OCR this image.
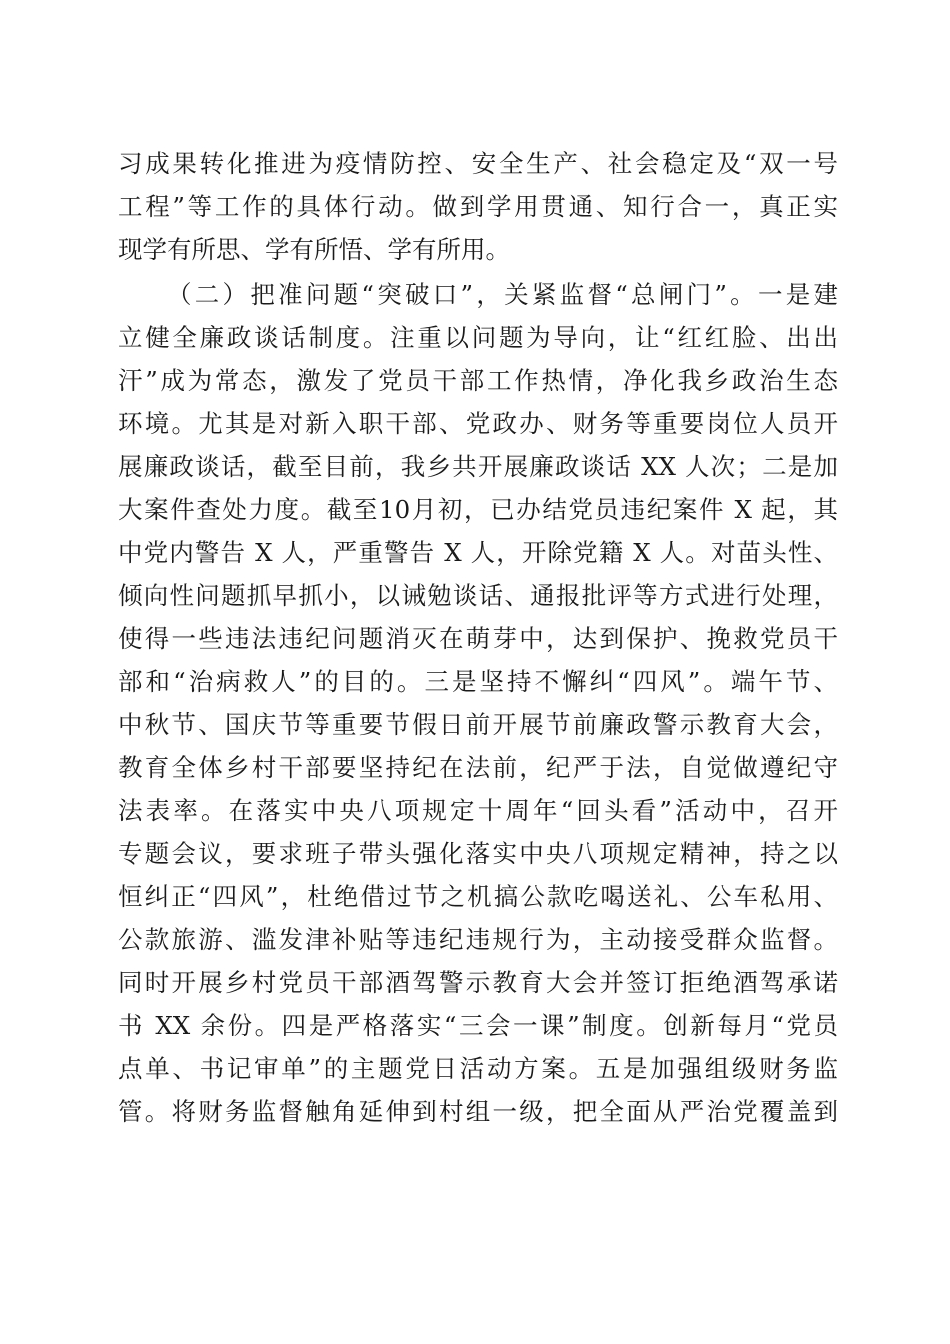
习成果转化推进为疫情防控、安全生产、社会稳定及“双一号
工程”等工作的具体行动。做到学用贯通、知行合一，真正实
现学有所思、学有所悟、学有所用。
（二）把准问题“突破口”，关紧监督“总闸门”。一是建
立健全廉政谈话制度。注重以问题为导向，让“红红脸、出出
汗”成为常态，激发了党员干部工作热情，净化我乡政治生态
环境。尤其是对新入职干部、党政办、财务等重要岗位人员开
展廉政谈话，截至目前，我乡共开展廉政谈话 XX 人次；二是加
大案件查处力度。截至10月初，已办结党员违纪案件 X 起，其
中党内警告 X 人，严重警告 X 人，开除党籍 X 人。对苗头性、
倾向性问题抓早抓小，以诫勉谈话、通报批评等方式进行处理，
使得一些违法违纪问题消灭在萌芽中，达到保护、挽救党员干
部和“治病救人”的目的。三是坚持不懈纠“四风”。端午节、
中秋节、国庆节等重要节假日前开展节前廉政警示教育大会，
教育全体乡村干部要坚持纪在法前，纪严于法，自觉做遵纪守
法表率。在落实中央八项规定十周年“回头看”活动中，召开
专题会议，要求班子带头强化落实中央八项规定精神，持之以
恒纠正“四风”，杜绝借过节之机搞公款吃喝送礼、公车私用、
公款旅游、滥发津补贴等违纪违规行为，主动接受群众监督。
同时开展乡村党员干部酒驾警示教育大会并签订拒绝酒驾承诺
书 XX 余份。四是严格落实“三会一课”制度。创新每月“党员
点单、书记审单”的主题党日活动方案。五是加强组级财务监
管。将财务监督触角延伸到村组一级，把全面从严治党覆盖到
